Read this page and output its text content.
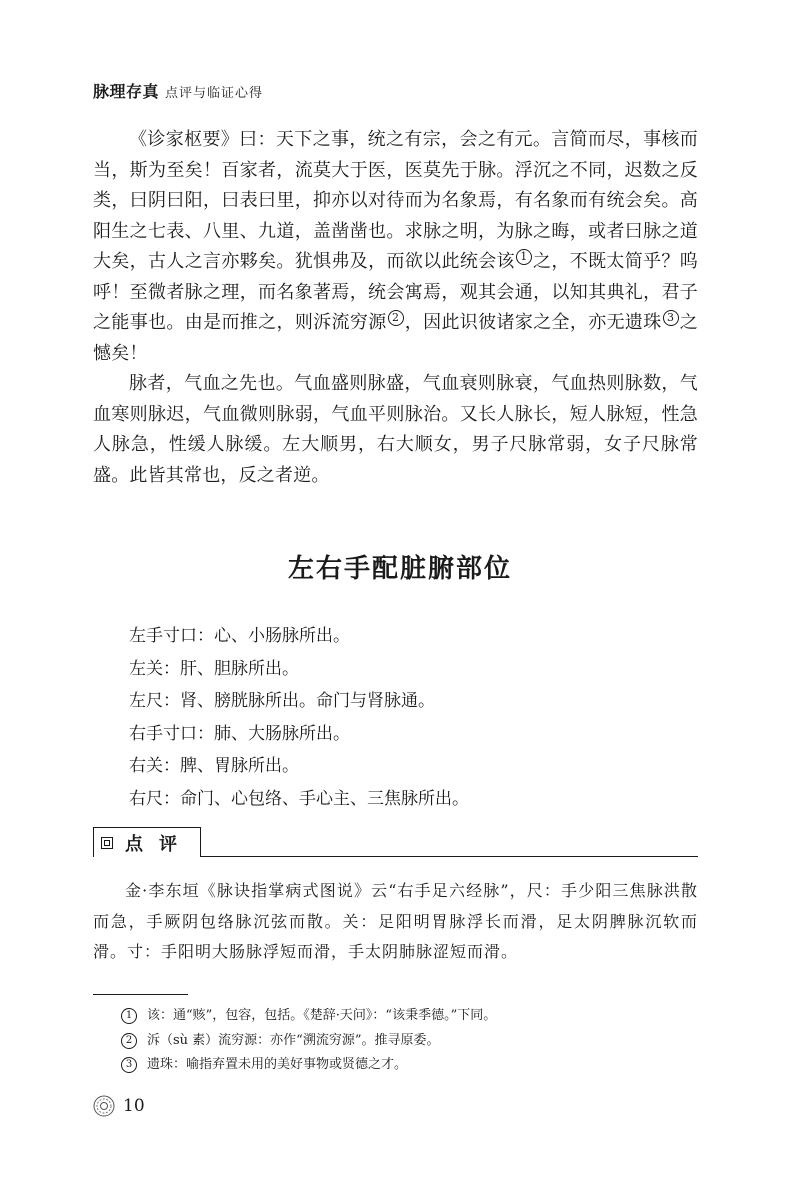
脉理存真 点评与临证心得

《诊家枢要》曰：天下之事，统之有宗，会之有元。言简而尽，事核而当，斯为至矣！百家者，流莫大于医，医莫先于脉。浮沉之不同，迟数之反类，曰阴曰阳，曰表曰里，抑亦以对待而为名象焉，有名象而有统会矣。高阳生之七表、八里、九道，盖凿凿也。求脉之明，为脉之晦，或者曰脉之道大矣，古人之言亦夥矣。犹惧弗及，而欲以此统会该 1 之，不既太简乎？呜呼！至微者脉之理，而名象著焉，统会寓焉，观其会通，以知其典礼，君子之能事也。由是而推之，则泝流穷源 2 ，因此识彼诸家之全，亦无遗珠 3 之憾矣！

脉者，气血之先也。气血盛则脉盛，气血衰则脉衰，气血热则脉数，气血寒则脉迟，气血微则脉弱，气血平则脉治。又长人脉长，短人脉短，性急人脉急，性缓人脉缓。左大顺男，右大顺女，男子尺脉常弱，女子尺脉常盛。此皆其常也，反之者逆。

左右手配脏腑部位
左手寸口：心、小肠脉所出。
左关：肝、胆脉所出。
左尺：肾、膀胱脉所出。命门与肾脉通。
右手寸口：肺、大肠脉所出。
右关：脾、胃脉所出。
右尺：命门、心包络、手心主、三焦脉所出。
点评

金·李东垣《脉诀指掌病式图说》云“右手足六经脉”，尺：手少阳三焦脉洪散而急，手厥阴包络脉沉弦而散。关：足阳明胃脉浮长而滑，足太阴脾脉沉软而滑。寸：手阳明大肠脉浮短而滑，手太阴肺脉涩短而滑。

1 该：通“赅”，包容，包括。《楚辞·天问》：“该秉季德。”下同。
2 泝（sù 素）流穷源：亦作“溯流穷源”。推寻原委。
3 遗珠：喻指弃置未用的美好事物或贤德之才。
10
